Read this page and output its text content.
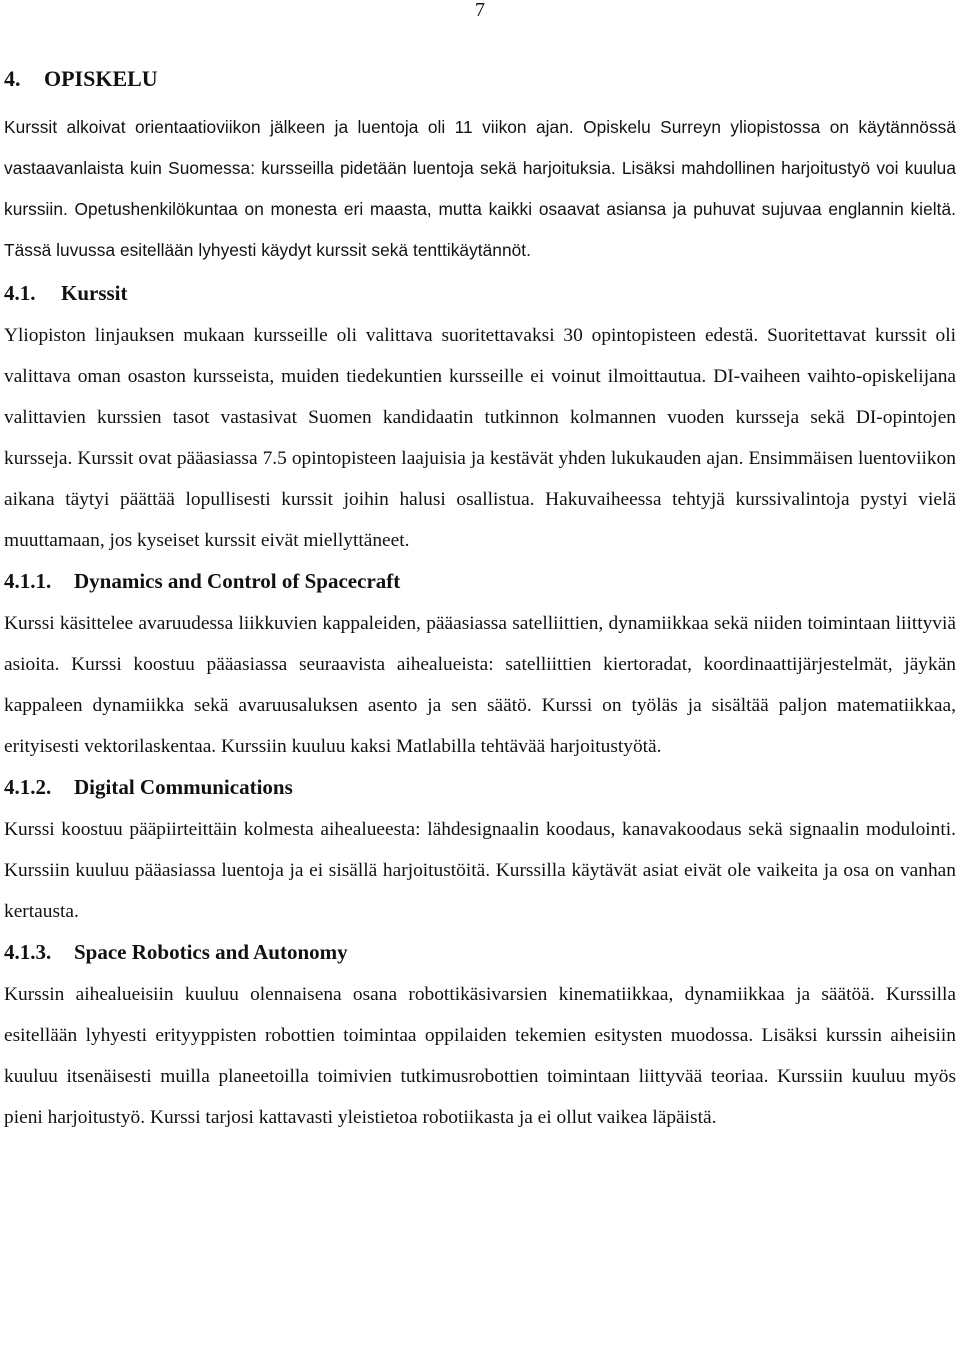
7
4. OPISKELU

Kurssit alkoivat orientaatioviikon jälkeen ja luentoja oli 11 viikon ajan. Opiskelu Surreyn yliopistossa on käytännössä vastaavanlaista kuin Suomessa: kursseilla pidetään luentoja sekä harjoituksia. Lisäksi mahdollinen harjoitustyö voi kuulua kurssiin. Opetushenkilökuntaa on monesta eri maasta, mutta kaikki osaavat asiansa ja puhuvat sujuvaa englannin kieltä. Tässä luvussa esitellään lyhyesti käydyt kurssit sekä tenttikäytännöt.

4.1. Kurssit

Yliopiston linjauksen mukaan kursseille oli valittava suoritettavaksi 30 opintopisteen edestä. Suoritettavat kurssit oli valittava oman osaston kursseista, muiden tiedekuntien kursseille ei voinut ilmoittautua. DI-vaiheen vaihto-opiskelijana valittavien kurssien tasot vastasivat Suomen kandidaatin tutkinnon kolmannen vuoden kursseja sekä DI-opintojen kursseja. Kurssit ovat pääasiassa 7.5 opintopisteen laajuisia ja kestävät yhden lukukauden ajan. Ensimmäisen luentoviikon aikana täytyi päättää lopullisesti kurssit joihin halusi osallistua. Hakuvaiheessa tehtyjä kurssivalintoja pystyi vielä muuttamaan, jos kyseiset kurssit eivät miellyttäneet.

4.1.1. Dynamics and Control of Spacecraft

Kurssi käsittelee avaruudessa liikkuvien kappaleiden, pääasiassa satelliittien, dynamiikkaa sekä niiden toimintaan liittyviä asioita. Kurssi koostuu pääasiassa seuraavista aihealueista: satelliittien kiertoradat, koordinaattijärjestelmät, jäykän kappaleen dynamiikka sekä avaruusaluksen asento ja sen säätö. Kurssi on työläs ja sisältää paljon matematiikkaa, erityisesti vektorilaskentaa. Kurssiin kuuluu kaksi Matlabilla tehtävää harjoitustyötä.

4.1.2. Digital Communications

Kurssi koostuu pääpiirteittäin kolmesta aihealueesta: lähdesignaalin koodaus, kanavakoodaus sekä signaalin modulointi. Kurssiin kuuluu pääasiassa luentoja ja ei sisällä harjoitustöitä. Kurssilla käytävät asiat eivät ole vaikeita ja osa on vanhan kertausta.

4.1.3. Space Robotics and Autonomy

Kurssin aihealueisiin kuuluu olennaisena osana robottikäsivarsien kinematiikkaa, dynamiikkaa ja säätöä. Kurssilla esitellään lyhyesti erityyppisten robottien toimintaa oppilaiden tekemien esitysten muodossa. Lisäksi kurssin aiheisiin kuuluu itsenäisesti muilla planeetoilla toimivien tutkimusrobottien toimintaan liittyvää teoriaa. Kurssiin kuuluu myös pieni harjoitustyö. Kurssi tarjosi kattavasti yleistietoa robotiikasta ja ei ollut vaikea läpäistä.
